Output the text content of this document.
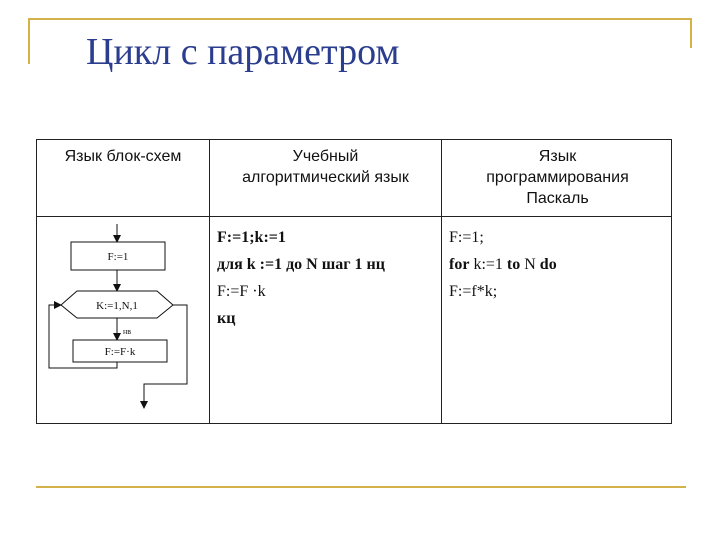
Цикл с параметром
Язык блок-схем	Учебный
алгоритмический язык
Язык
программирования
Паскаль
F:=1
K:=1,N,1
нв
F:=F·k
F:=1;k:=1
для k :=1 до N шаг 1 нц
F:=F ·k
кц
F:=1;
for k:=1 to N do
F:=f*k;
